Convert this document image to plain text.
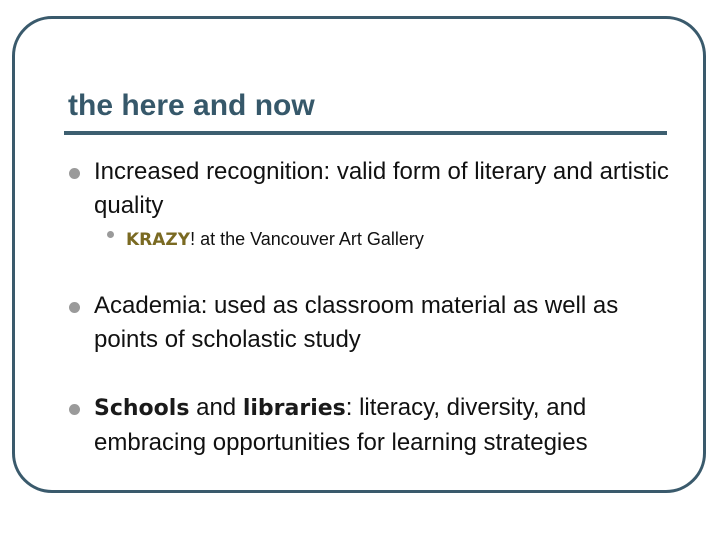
the here and now
Increased recognition: valid form of literary and artistic quality
KRAZY! at the Vancouver Art Gallery
Academia: used as classroom material as well as points of scholastic study
Schools and libraries: literacy, diversity, and embracing opportunities for learning strategies
